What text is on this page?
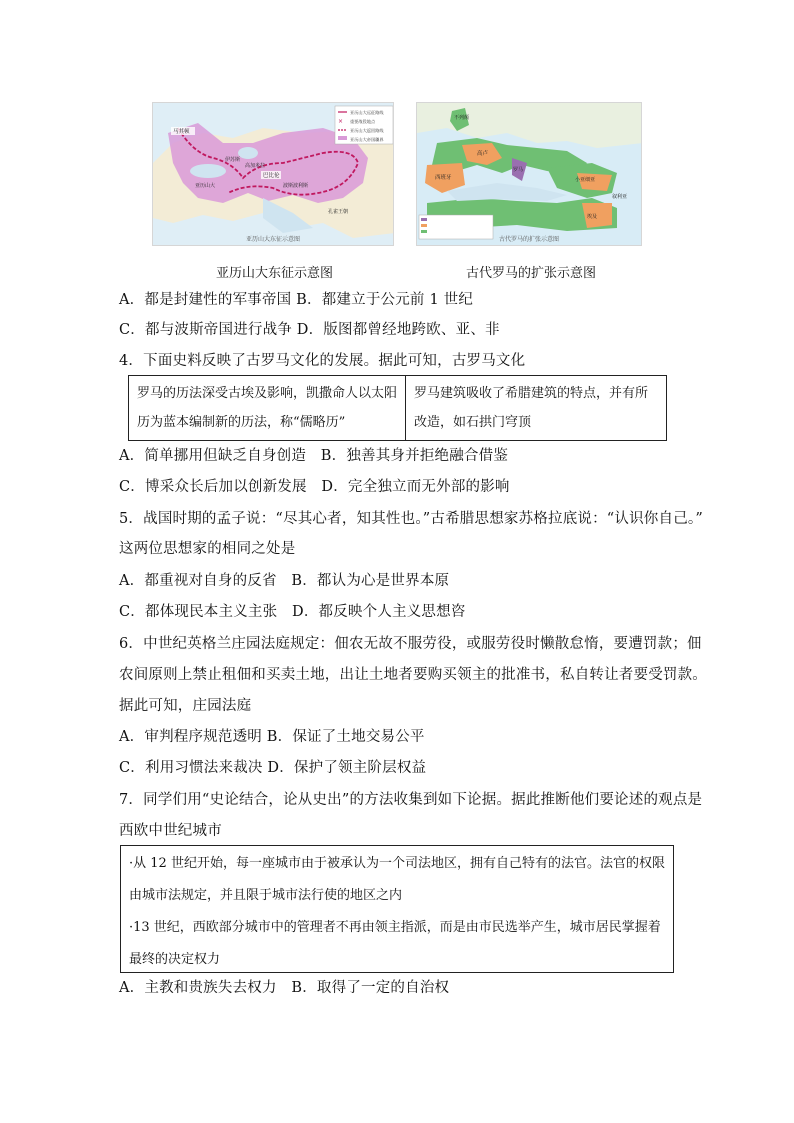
×
亚历山大远征路线
重要战役地点
亚历山大返回路线
亚历山大帝国疆界
马其顿
伊苏斯
高加米拉
巴比伦
亚历山大	波斯波利斯
孔雀王朝
亚历山大东征示意图
不列颠
高卢
西班牙
罗马
小亚细亚
埃及
叙利亚
古代罗马的扩张示意图
亚历山大东征示意图	古代罗马的扩张示意图
A．都是封建性的军事帝国 B．都建立于公元前 1 世纪
C．都与波斯帝国进行战争 D．版图都曾经地跨欧、亚、非
4．下面史料反映了古罗马文化的发展。据此可知，古罗马文化
罗马的历法深受古埃及影响，凯撒命人以太阳历为蓝本编制新的历法，称“儒略历”
罗马建筑吸收了希腊建筑的特点，并有所改造，如石拱门穹顶
A．简单挪用但缺乏自身创造　B．独善其身并拒绝融合借鉴
C．博采众长后加以创新发展　D．完全独立而无外部的影响
5．战国时期的孟子说：“尽其心者，知其性也。”古希腊思想家苏格拉底说：“认识你自己。”
这两位思想家的相同之处是
A．都重视对自身的反省　B．都认为心是世界本原
C．都体现民本主义主张　D．都反映个人主义思想咨
6．中世纪英格兰庄园法庭规定：佃农无故不服劳役，或服劳役时懒散怠惰，要遭罚款；佃
农间原则上禁止租佃和买卖土地，出让土地者要购买领主的批准书，私自转让者要受罚款。
据此可知，庄园法庭
A．审判程序规范透明 B．保证了土地交易公平
C．利用习惯法来裁决 D．保护了领主阶层权益
7．同学们用“史论结合，论从史出”的方法收集到如下论据。据此推断他们要论述的观点是
西欧中世纪城市
·从 12 世纪开始，每一座城市由于被承认为一个司法地区，拥有自己特有的法官。法官的权限由城市法规定，并且限于城市法行使的地区之内
·13 世纪，西欧部分城市中的管理者不再由领主指派，而是由市民选举产生，城市居民掌握着最终的决定权力
A．主教和贵族失去权力　B．取得了一定的自治权
